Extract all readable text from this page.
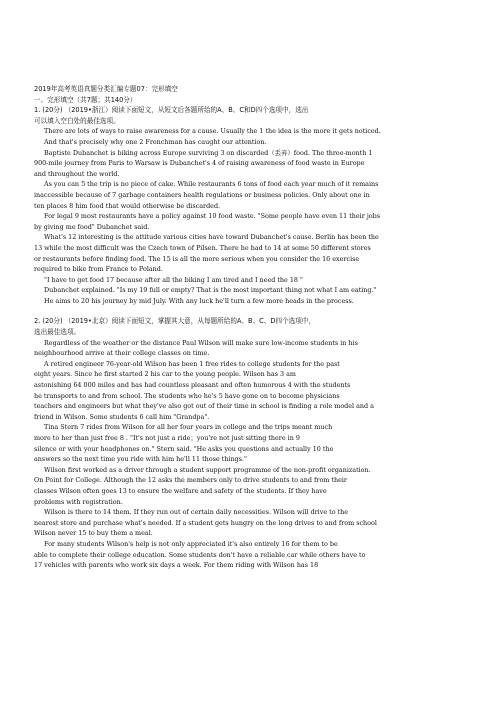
2019年高考英语真题分类汇编专题07：完形填空

一、完形填空（共7题；共140分）

1. (20分) （2019•浙江）阅读下面短文，从短文后各题所给的A、B、C和D四个选项中，选出

可以填入空白处的最佳选项。

There are lots of ways to raise awareness for a cause. Usually the 1 the idea is the more it gets noticed.

And that's precisely why one 2 Frenchman has caught our attention.

Baptiste Dubanchet is biking across Europe surviving 3 on discarded（丢弃）food. The three-month 1

900-mile journey from Paris to Warsaw is Dubanchet's 4 of raising awareness of food waste in Europe

and throughout the world.

As you can 5 the trip is no piece of cake. While restaurants 6 tons of food each year much of it remains

inaccessible because of 7 garbage containers health regulations or business policies. Only about one in

ten places 8 him food that would otherwise be discarded.

For legal 9 most restaurants have a policy against 10 food waste. "Some people have even 11 their jobs

by giving me food" Dubanchet said.

What's 12 interesting is the attitude various cities have toward Dubanchet's cause. Berlin has been the

13 while the most difficult was the Czech town of Pilsen. There he had to 14 at some 50 different stores

or restaurants before finding food. The 15 is all the more serious when you consider the 16 exercise

required to bike from France to Poland.

"I have to get food 17 because after all the biking I am tired and I need the 18 "

Dubanchet explained. "Is my 19 full or empty? That is the most important thing not what I am eating."

He aims to 20 his journey by mid July. With any luck he'll turn a few more heads in the process.

2. (20分) （2019•北京）阅读下面短文，掌握其大意，从每题所给的A、B、C、D四个选项中，

选出最佳选项。

Regardless of the weather or the distance Paul Wilson will make sure low-income students in his

neighbourhood arrive at their college classes on time.

A retired engineer 76-year-old Wilson has been 1 free rides to college students for the past

eight years. Since he first started 2 his car to the young people. Wilson has 3 am

astonishing 64 000 miles and has had countless pleasant and often humorous 4 with the students

he transports to and from school. The students who he's 5 have gone on to become physicians

teachers and engineers but what they've also got out of their time in school is finding a role model and a

friend in Wilson. Some students 6 call him "Grandpa".

Tina Stern 7 rides from Wilson for all her four years in college and the trips meant much

more to her than just free 8 . "It's not just a ride；you're not just sitting there in 9

silence or with your headphones on." Stern said. "He asks you questions and actually 10 the

answers so the next time you ride with him he'll 11 those things."

Wilson first worked as a driver through a student support programme of the non-profit organization.

On Point for College. Although the 12 asks the members only to drive students to and from their

classes Wilson often goes 13 to ensure the welfare and safety of the students. If they have

problems with registration.

Wilson is there to 14 them. If they run out of certain daily necessities. Wilson will drive to the

nearest store and purchase what's needed. If a student gets hungry on the long drives to and from school

Wilson never 15 to buy them a meal.

For many students Wilson's help is not only appreciated it's also entirely 16 for them to be

able to complete their college education. Some students don't have a reliable car while others have to

17 vehicles with parents who work six days a week. For them riding with Wilson has 18
